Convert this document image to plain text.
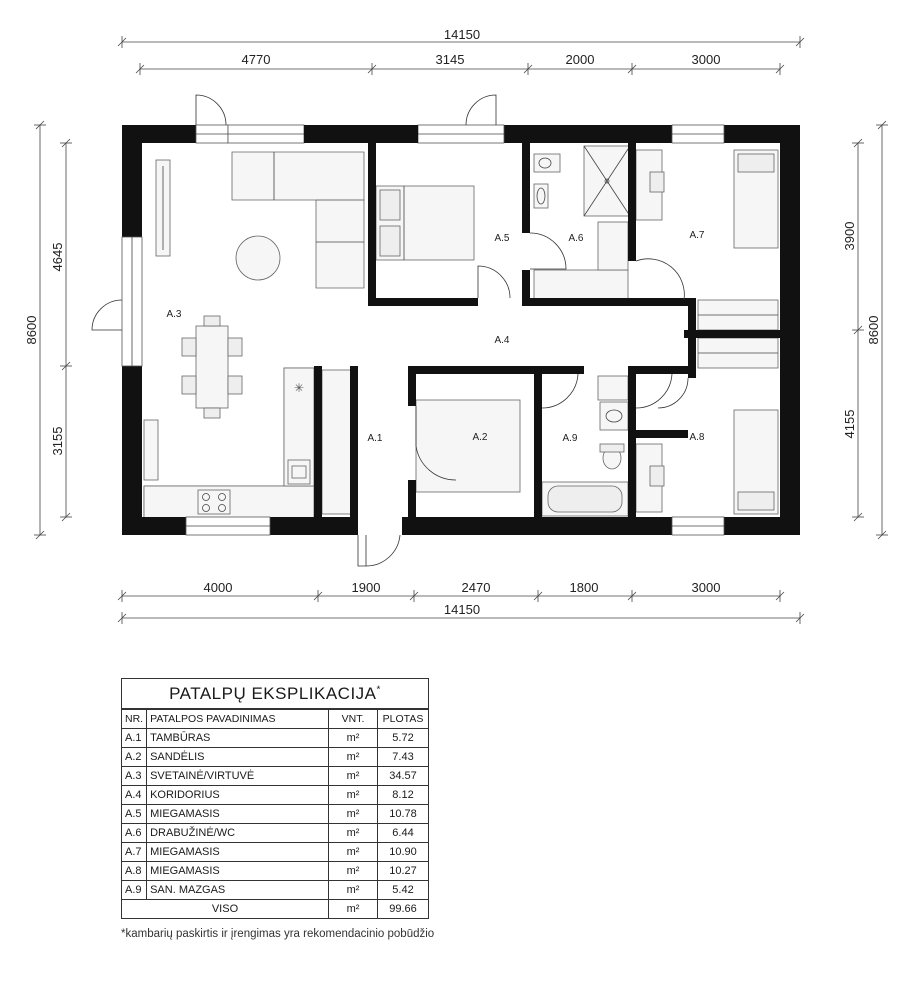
14150
4770	3145	2000	3000
8600
4645
3155
3900
4155
8600
4000	1900	2470	1800	3000
14150
✳
A.3
A.5	A.6	A.7
A.4
A.1	A.2	A.9	A.8
PATALPŲ EKSPLIKACIJA*
NR.	PATALPOS PAVADINIMAS	VNT.	PLOTAS
A.1	TAMBŪRAS	m²	5.72
A.2	SANDĖLIS	m²	7.43
A.3	SVETAINĖ/VIRTUVĖ	m²	34.57
A.4	KORIDORIUS	m²	8.12
A.5	MIEGAMASIS	m²	10.78
A.6	DRABUŽINĖ/WC	m²	6.44
A.7	MIEGAMASIS	m²	10.90
A.8	MIEGAMASIS	m²	10.27
A.9	SAN. MAZGAS	m²	5.42
VISO		m²	99.66
*kambarių paskirtis ir įrengimas yra rekomendacinio pobūdžio
